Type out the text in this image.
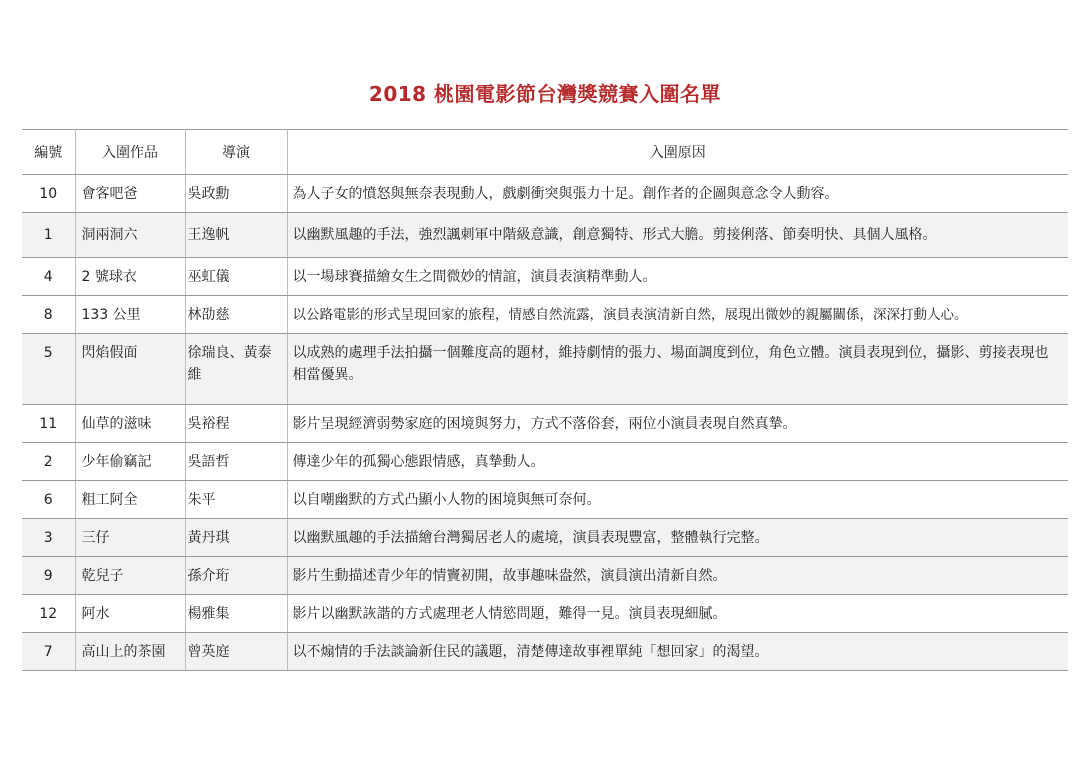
2018 桃園電影節台灣獎競賽入圍名單
編號	入圍作品	導演	入圍原因
10	會客吧爸	吳政勳	為人子女的憤怒與無奈表現動人，戲劇衝突與張力十足。創作者的企圖與意念令人動容。
1	洞兩洞六	王逸帆	以幽默風趣的手法，強烈諷刺軍中階級意識，創意獨特、形式大膽。剪接俐落、節奏明快、具個人風格。
4	2 號球衣	巫虹儀	以一場球賽描繪女生之間微妙的情誼，演員表演精準動人。
8	133 公里	林劭慈	以公路電影的形式呈現回家的旅程，情感自然流露，演員表演清新自然，展現出微妙的親屬關係，深深打動人心。
5	閃焰假面	徐瑞良、黃泰維	以成熟的處理手法拍攝一個難度高的題材，維持劇情的張力、場面調度到位，角色立體。演員表現到位，攝影、剪接表現也相當優異。
11	仙草的滋味	吳裕程	影片呈現經濟弱勢家庭的困境與努力，方式不落俗套，兩位小演員表現自然真摯。
2	少年偷竊記	吳語哲	傳達少年的孤獨心態跟情感，真摯動人。
6	粗工阿全	朱平	以自嘲幽默的方式凸顯小人物的困境與無可奈何。
3	三仔	黃丹琪	以幽默風趣的手法描繪台灣獨居老人的處境，演員表現豐富，整體執行完整。
9	乾兒子	孫介珩	影片生動描述青少年的情竇初開，故事趣味盎然，演員演出清新自然。
12	阿水	楊雅集	影片以幽默詼諧的方式處理老人情慾問題，難得一見。演員表現細膩。
7	高山上的茶園	曾英庭	以不煽情的手法談論新住民的議題，清楚傳達故事裡單純「想回家」的渴望。
